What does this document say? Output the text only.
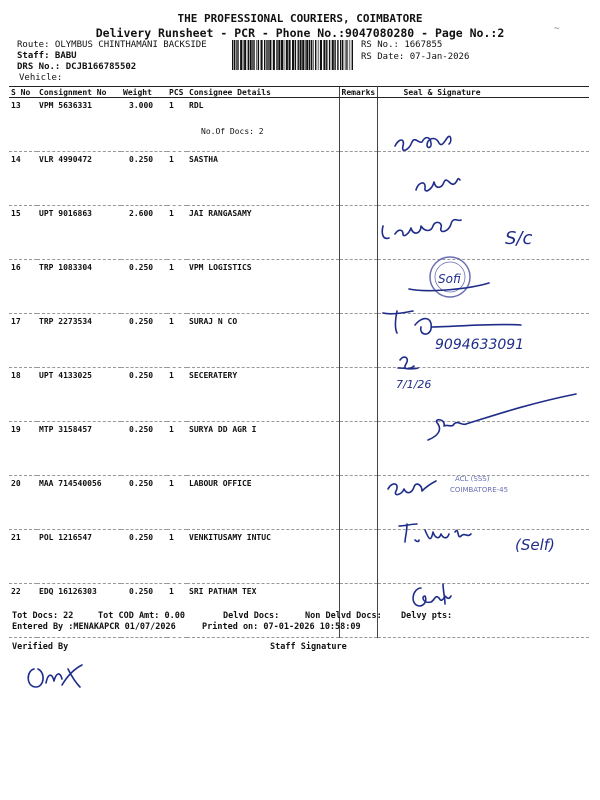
THE PROFESSIONAL COURIERS, COIMBATORE
Delivery Runsheet - PCR - Phone No.:9047080280 - Page No.:2
Route: OLYMBUS CHINTHAMANI BACKSIDE
Staff: BABU
DRS No.: DCJB166785502
Vehicle:
RS No.: 1667855
RS Date: 07-Jan-2026
~
S No	Consignment No	Weight	PCS	Consignee Details	Remarks	Seal & Signature
13	VPM 5636331	3.000	1	RDL
No.Of Docs: 2		

14	VLR 4990472	0.250	1	SASTHA		
15	UPT 9016863	2.600	1	JAI RANGASAMY		
16	TRP 1083304	0.250	1	VPM LOGISTICS		
17	TRP 2273534	0.250	1	SURAJ N CO		
18	UPT 4133025	0.250	1	SECERATERY		
19	MTP 3158457	0.250	1	SURYA DD AGR I		
20	MAA 714540056	0.250	1	LABOUR OFFICE		
21	POL 1216547	0.250	1	VENKITUSAMY INTUC		
22	EDQ 16126303	0.250	1	SRI PATHAM TEX		
S/c
Sofi
9094633091
7/1/26
ACL (SSS)
COIMBATORE-45
(Self)
Tot Docs: 22	Tot COD Amt: 0.00	Delvd Docs:	Non Delvd Docs: Delvy pts:
Entered By :MENAKAPCR 01/07/2026	Printed on: 07-01-2026 10:58:09
Verified By	Staff Signature
